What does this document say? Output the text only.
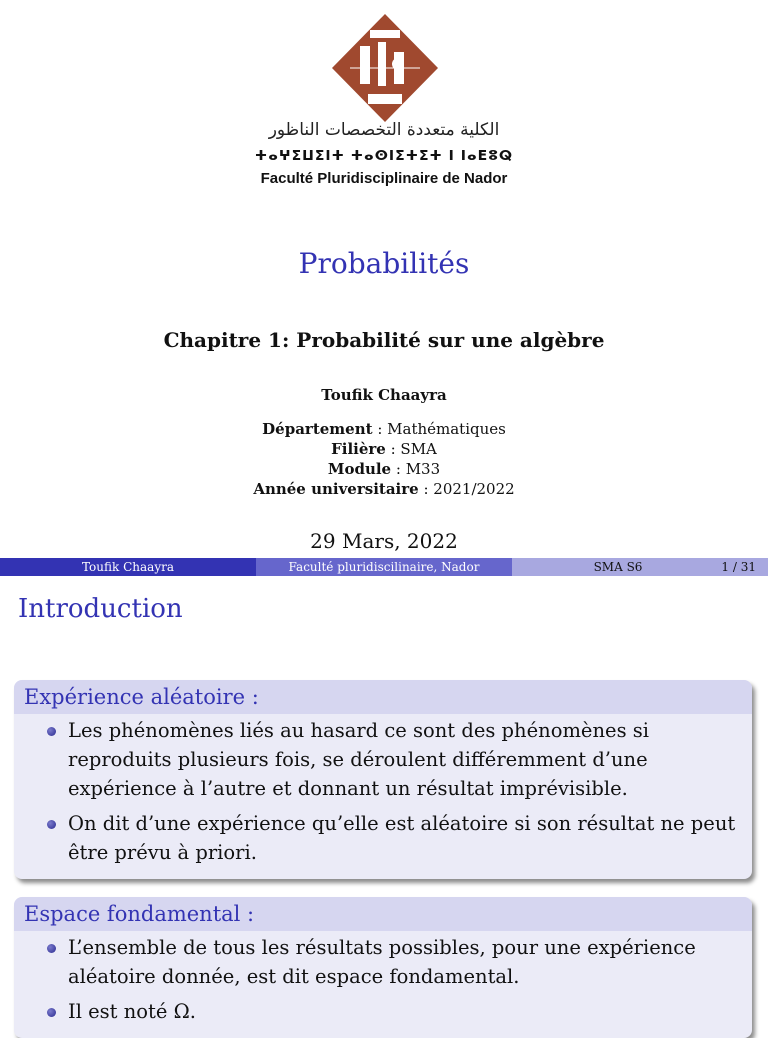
الكلية متعددة التخصصات الناظور
ⵜⴰⵖⵉⵡⵉⵏⵜ ⵜⴰⵙⵏⵉⵜⵉⵜ ⵏ ⵏⴰⴹⵓⵕ
Faculté Pluridisciplinaire de Nador
Probabilités
Chapitre 1: Probabilité sur une algèbre
Toufik Chaayra
Département : Mathématiques
Filière : SMA
Module : M33
Année universitaire : 2021/2022
29 Mars, 2022
Toufik Chaayra	Faculté pluridiscilinaire, Nador	SMA S6	1 / 31
Introduction
Expérience aléatoire :
Les phénomènes liés au hasard ce sont des phénomènes si reproduits plusieurs fois, se déroulent différemment d’une expérience à l’autre et donnant un résultat imprévisible.
On dit d’une expérience qu’elle est aléatoire si son résultat ne peut être prévu à priori.
Espace fondamental :
L’ensemble de tous les résultats possibles, pour une expérience aléatoire donnée, est dit espace fondamental.
Il est noté Ω.
